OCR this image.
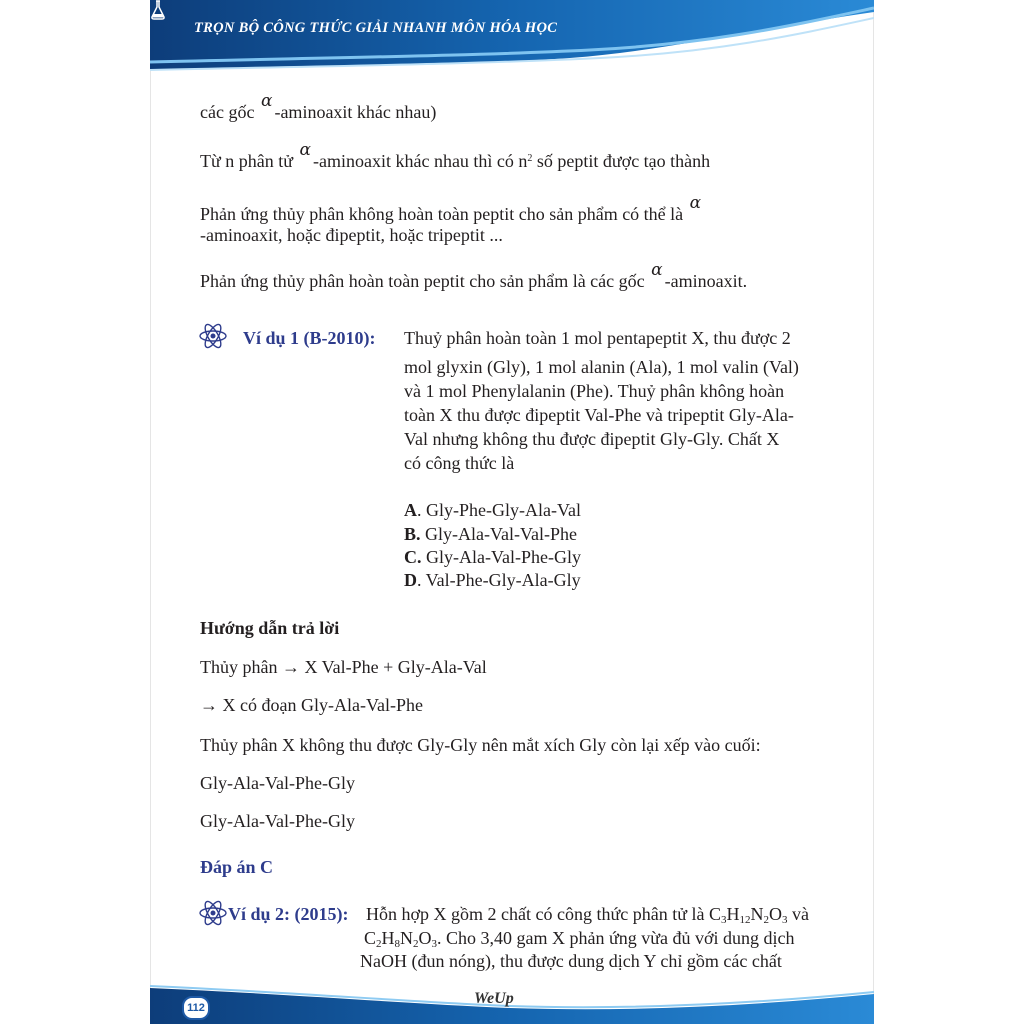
TRỌN BỘ CÔNG THỨC GIẢI NHANH MÔN HÓA HỌC
các gốc α-aminoaxit khác nhau)
Từ n phân tử α-aminoaxit khác nhau thì có $n^2$ số peptit được tạo thành
Phản ứng thủy phân không hoàn toàn peptit cho sản phẩm có thể là α
-aminoaxit, hoặc đipeptit, hoặc tripeptit ...
Phản ứng thủy phân hoàn toàn peptit cho sản phẩm là các gốc α-aminoaxit.
Ví dụ 1 (B-2010): Thuỷ phân hoàn toàn 1 mol pentapeptit X, thu được 2
mol glyxin (Gly), 1 mol alanin (Ala), 1 mol valin (Val)
và 1 mol Phenylalanin (Phe). Thuỷ phân không hoàn
toàn X thu được đipeptit Val-Phe và tripeptit Gly-Ala-
Val nhưng không thu được đipeptit Gly-Gly. Chất X
có công thức là
A. Gly-Phe-Gly-Ala-Val
B. Gly-Ala-Val-Val-Phe
C. Gly-Ala-Val-Phe-Gly
D. Val-Phe-Gly-Ala-Gly
Hướng dẫn trả lời
Thủy phân → X Val-Phe + Gly-Ala-Val
→ X có đoạn Gly-Ala-Val-Phe
Thủy phân X không thu được Gly-Gly nên mắt xích Gly còn lại xếp vào cuối:
Gly-Ala-Val-Phe-Gly
Gly-Ala-Val-Phe-Gly
Đáp án C
Ví dụ 2: (2015): Hỗn hợp X gồm 2 chất có công thức phân tử là $C_3H_{12}N_2O_3$ và
$C_2H_8N_2O_3$. Cho 3,40 gam X phản ứng vừa đủ với dung dịch
NaOH (đun nóng), thu được dung dịch Y chỉ gồm các chất
112
WeUp
